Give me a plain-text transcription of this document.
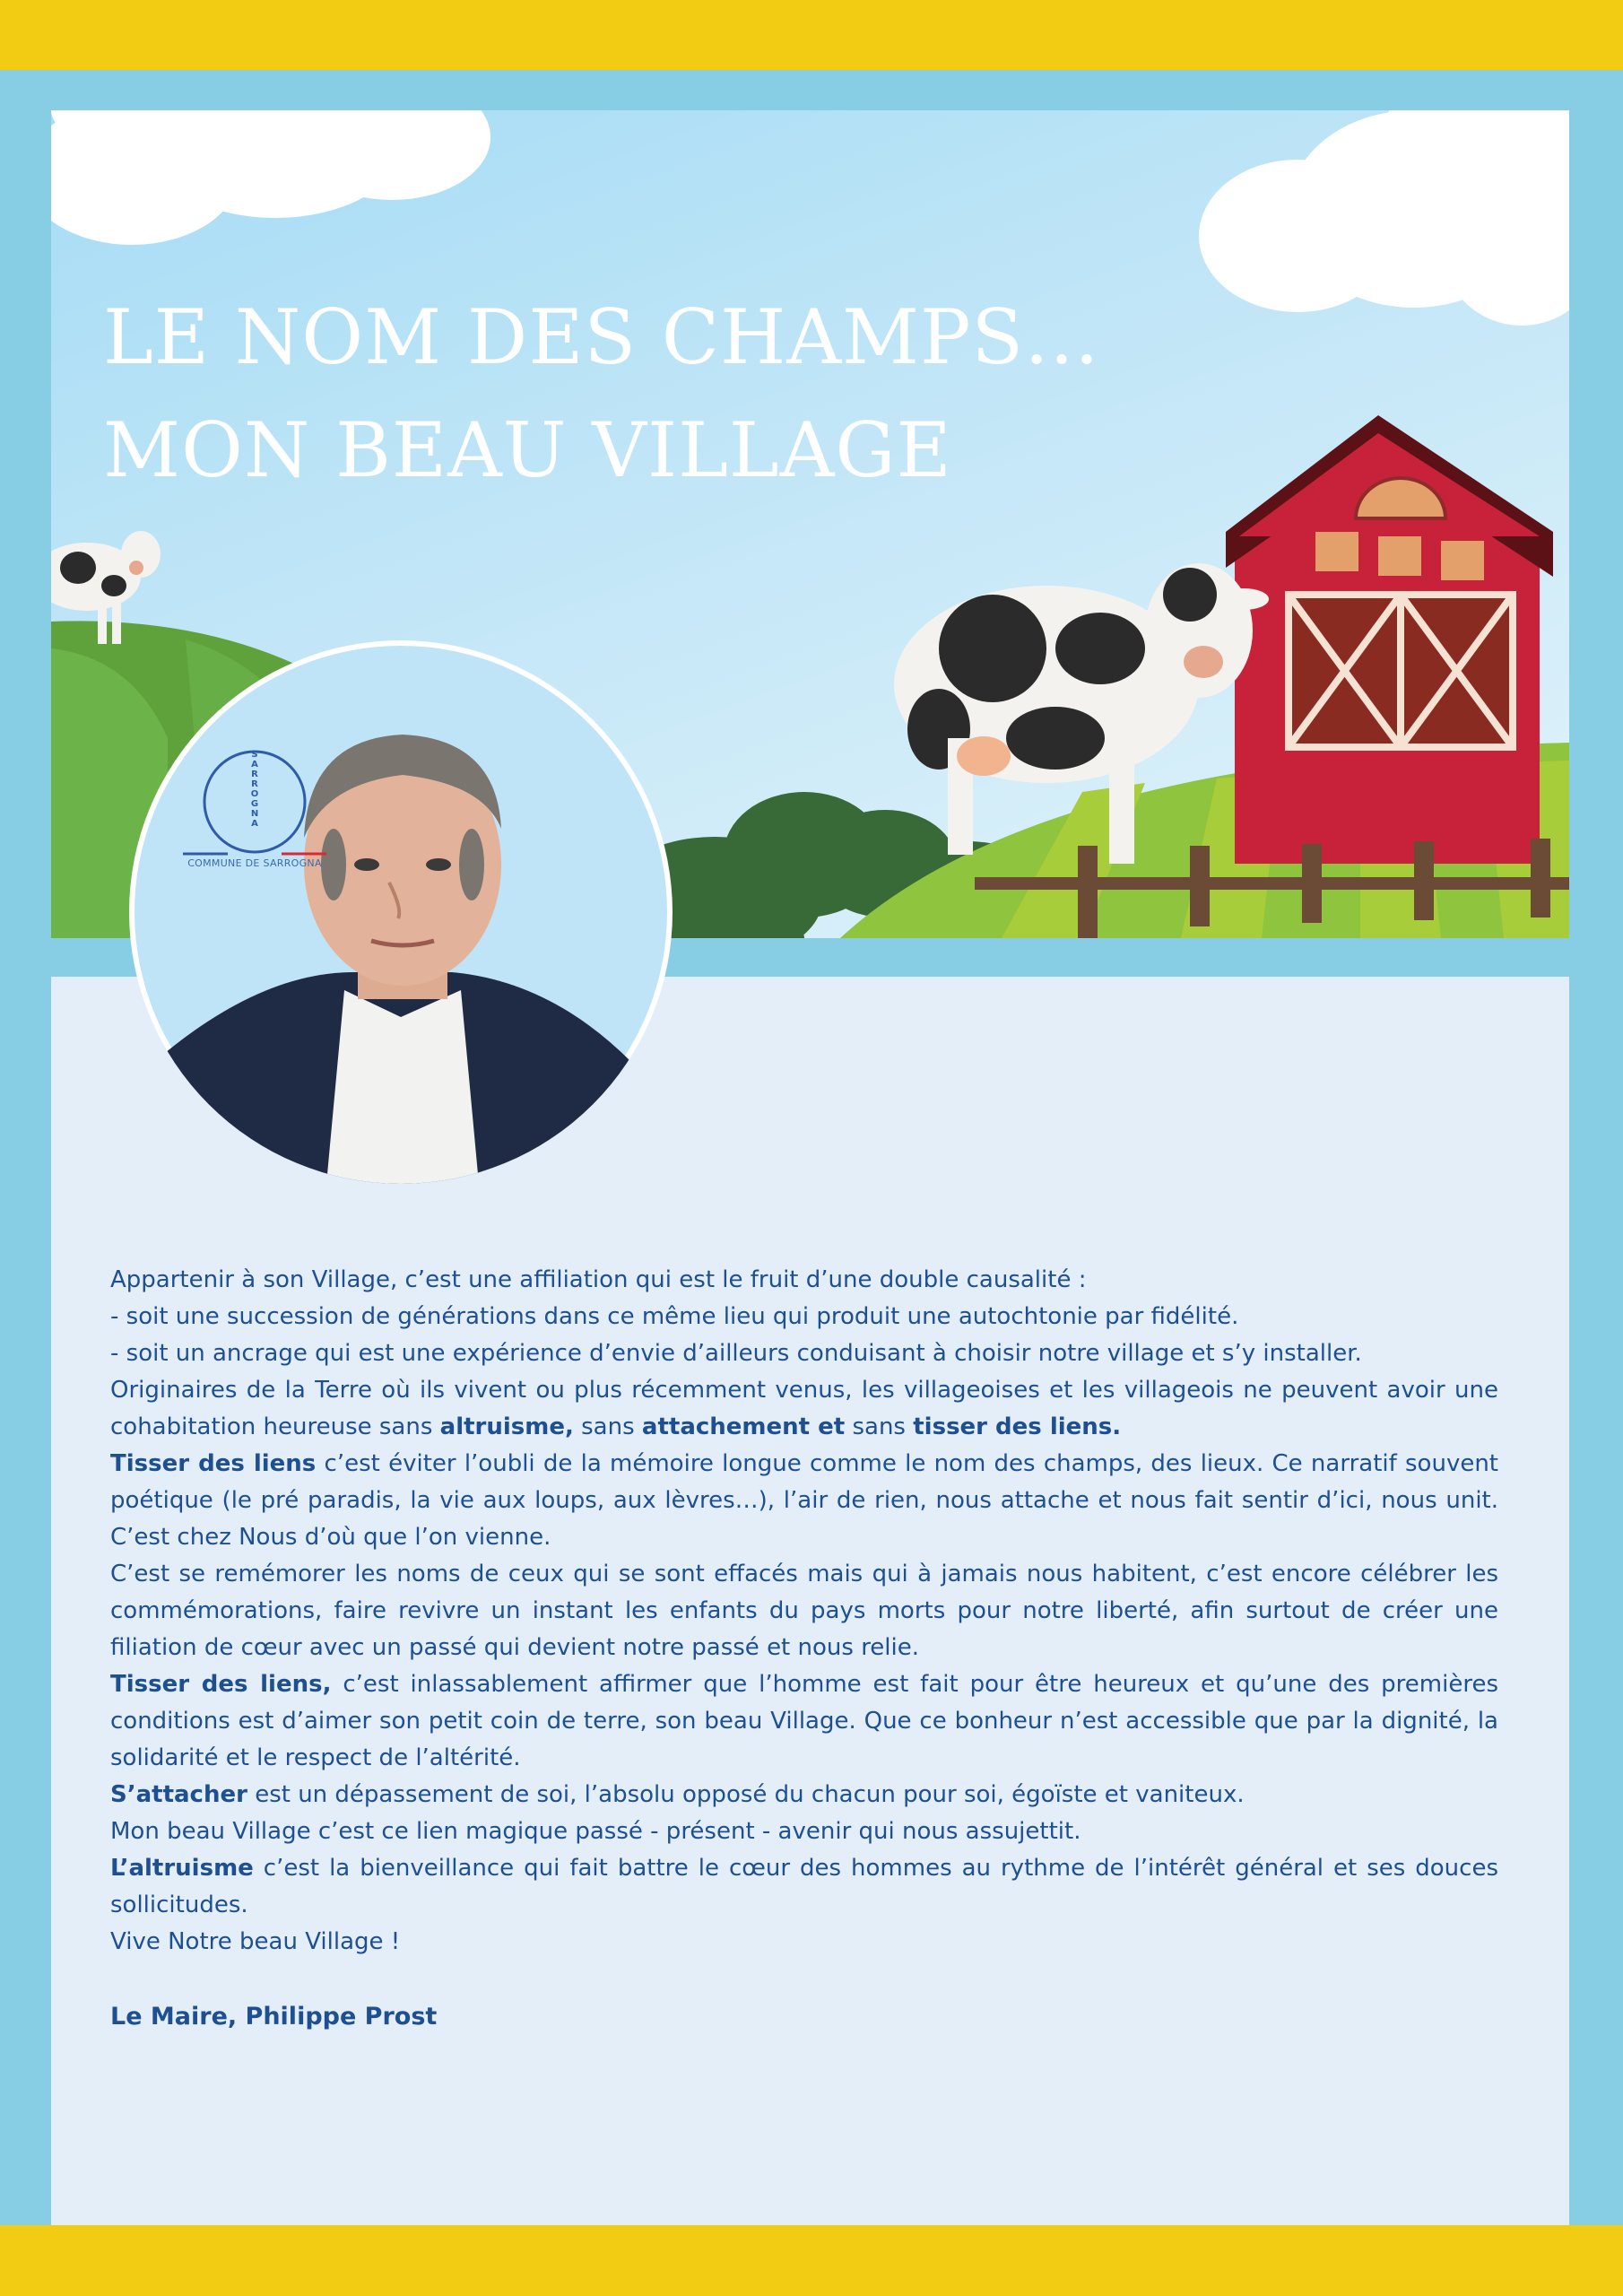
LE NOM DES CHAMPS…
MON BEAU VILLAGE
S
A
R
R
O
G
N
A
COMMUNE DE SARROGNA

Appartenir à son Village, c’est une affiliation qui est le fruit d’une double causalité :

- soit une succession de générations dans ce même lieu qui produit une autochtonie par fidélité.

- soit un ancrage qui est une expérience d’envie d’ailleurs conduisant à choisir notre village et s’y installer.

Originaires de la Terre où ils vivent ou plus récemment venus, les villageoises et les villageois ne peuvent avoir une cohabitation heureuse sans altruisme, sans attachement et sans tisser des liens.

Tisser des liens c’est éviter l’oubli de la mémoire longue comme le nom des champs, des lieux. Ce narratif souvent poétique (le pré paradis, la vie aux loups, aux lèvres…), l’air de rien, nous attache et nous fait sentir d’ici, nous unit. C’est chez Nous d’où que l’on vienne.

C’est se remémorer les noms de ceux qui se sont effacés mais qui à jamais nous habitent, c’est encore célébrer les commémorations, faire revivre un instant les enfants du pays morts pour notre liberté, afin surtout de créer une filiation de cœur avec un passé qui devient notre passé et nous relie.

Tisser des liens, c’est inlassablement affirmer que l’homme est fait pour être heureux et qu’une des premières conditions est d’aimer son petit coin de terre, son beau Village. Que ce bonheur n’est accessible que par la dignité, la solidarité et le respect de l’altérité.

S’attacher est un dépassement de soi, l’absolu opposé du chacun pour soi, égoïste et vaniteux.

Mon beau Village c’est ce lien magique passé - présent - avenir qui nous assujettit.

L’altruisme c’est la bienveillance qui fait battre le cœur des hommes au rythme de l’intérêt général et ses douces sollicitudes.

Vive Notre beau Village !

Le Maire, Philippe Prost
